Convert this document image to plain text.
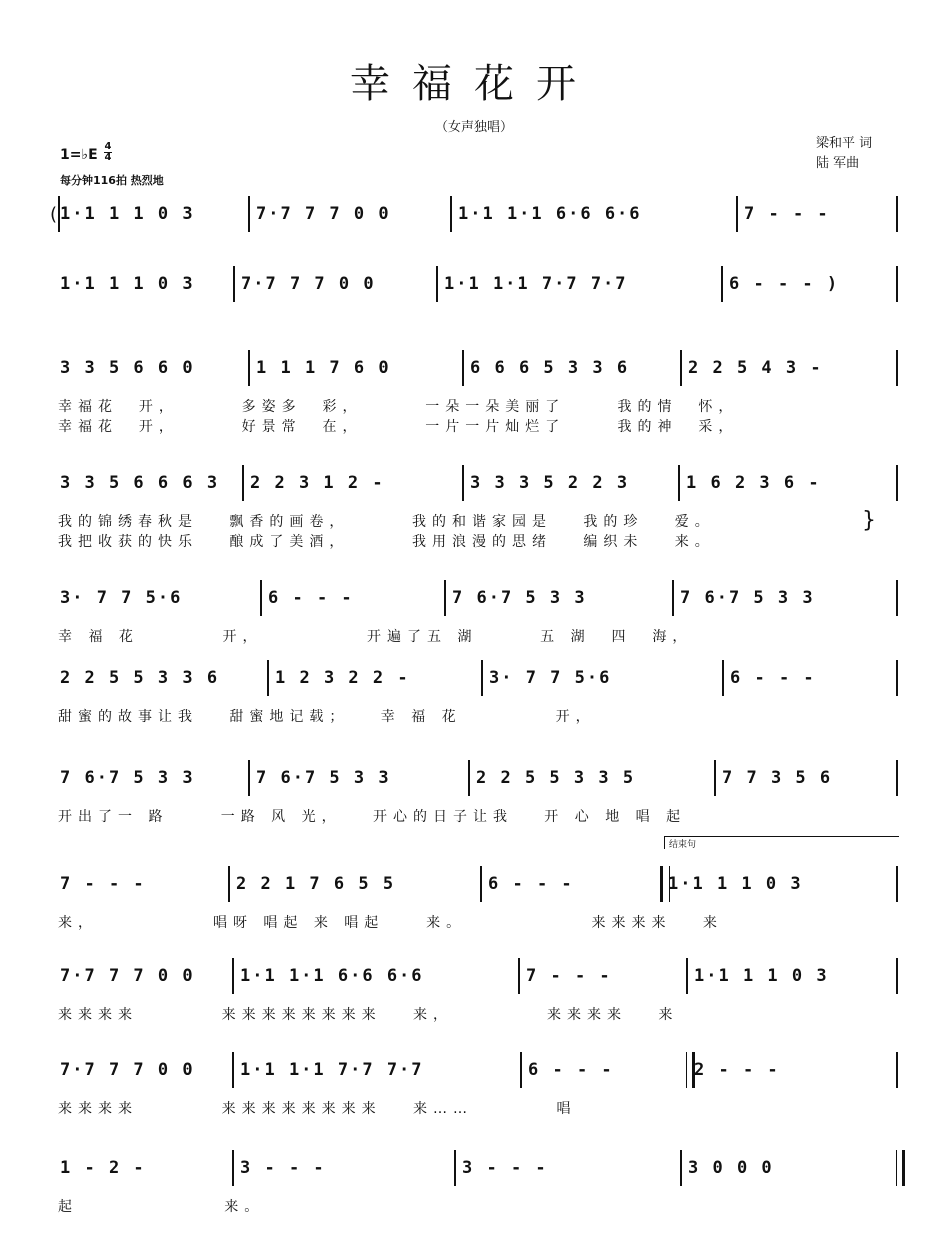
幸福花开
（女声独唱）
梁和平 词
陆 军曲
1=♭E
4
4
每分钟116拍 热烈地
1·1 1 1 0 3	7·7 7 7 0 0	1·1 1·1 6·6 6·6	7 - - -
1·1 1 1 0 3	7·7 7 7 0 0	1·1 1·1 7·7 7·7	6 - - - )
3 3 5 6 6 0	1 1 1 7 6 0	6 6 6 5 3 3 6	2 2 5 4 3 -
幸福花  开，      多姿多  彩，      一朵一朵美丽了     我的情  怀，
幸福花  开，      好景常  在，      一片一片灿烂了     我的神  采，
3 3 5 6 6 6 3 2 2 3 1 2 -	3 3 3 5 2 2 3	1 6 2 3 6 -
我的锦绣春秋是   飘香的画卷，      我的和谐家园是   我的珍   爱。
我把收获的快乐   酿成了美酒，      我用浪漫的思绪   编织未   来。
3· 7 7 5·6	6 - - -	7 6·7 5 3 3	7 6·7 5 3 3
幸 福 花        开，          开遍了五 湖      五 湖  四  海，
2 2 5 5 3 3 6	1 2 3 2 2 -	3· 7 7 5·6	6 - - -
甜蜜的故事让我   甜蜜地记载；   幸 福 花         开，
7 6·7 5 3 3	7 6·7 5 3 3	2 2 5 5 3 3 5	7 7 3 5 6
开出了一 路     一路 风 光，   开心的日子让我   开 心 地 唱 起
7 - - -	2 2 1 7 6 5 5	6 - - -	1·1 1 1 0 3
来，           唱呀 唱起 来 唱起    来。            来来来来   来
7·7 7 7 0 0	1·1 1·1 6·6 6·6	7 - - -	1·1 1 1 0 3
来来来来        来来来来来来来来   来，         来来来来   来
7·7 7 7 0 0	1·1 1·1 7·7 7·7	6 - - -	2 - - -
来来来来        来来来来来来来来   来……        唱
1 - 2 -	3 - - -	3 - - -	3 0 0 0
起              来。
(
结束句
}
